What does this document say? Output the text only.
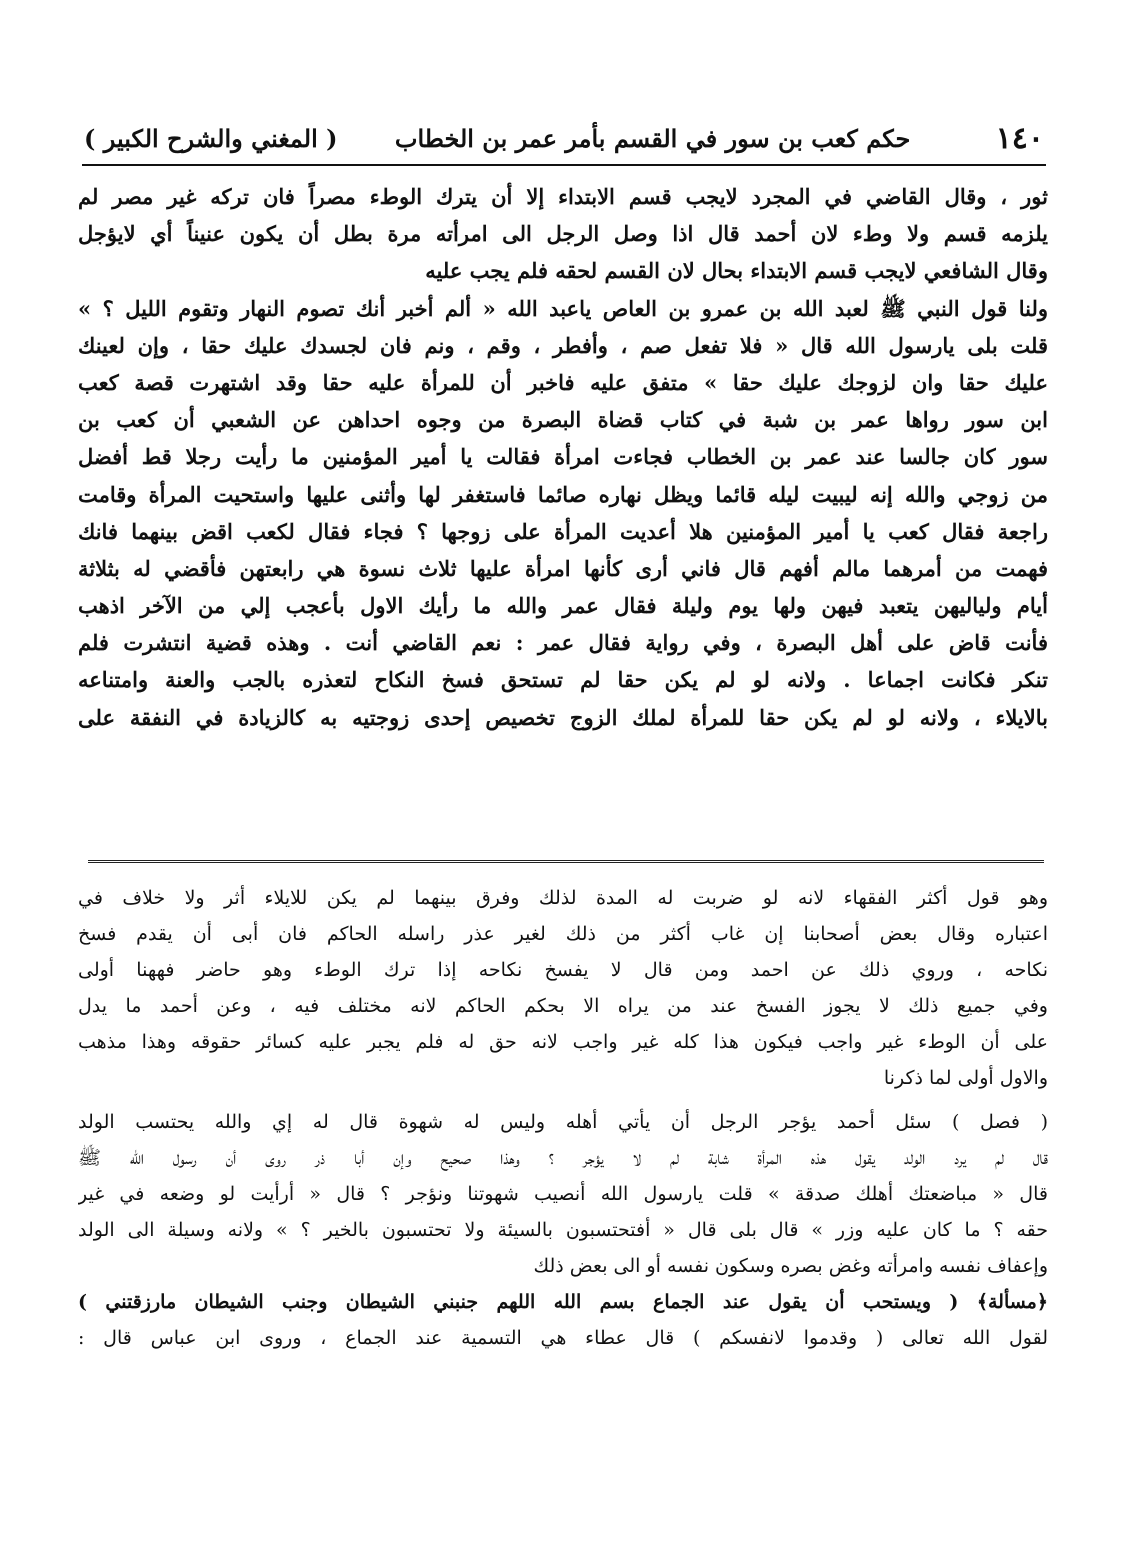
١٤٠
حكم كعب بن سور في القسم بأمر عمر بن الخطاب
( المغني والشرح الكبير )
ثور ، وقال القاضي في المجرد لايجب قسم الابتداء إلا أن يترك الوطء مصراً فان تركه غير مصر لم
يلزمه قسم ولا وطء لان أحمد قال اذا وصل الرجل الى امرأته مرة بطل أن يكون عنيناً أي لايؤجل
وقال الشافعي لايجب قسم الابتداء بحال لان القسم لحقه فلم يجب عليه
ولنا قول النبي ﷺ لعبد الله بن عمرو بن العاص ياعبد الله « ألم أخبر أنك تصوم النهار وتقوم الليل ؟ »
قلت بلى يارسول الله قال « فلا تفعل صم ، وأفطر ، وقم ، ونم فان لجسدك عليك حقا ، وإن لعينك
عليك حقا وان لزوجك عليك حقا » متفق عليه فاخبر أن للمرأة عليه حقا وقد اشتهرت قصة كعب
ابن سور رواها عمر بن شبة في كتاب قضاة البصرة من وجوه احداهن عن الشعبي أن كعب بن
سور كان جالسا عند عمر بن الخطاب فجاءت امرأة فقالت يا أمير المؤمنين ما رأيت رجلا قط أفضل
من زوجي والله إنه ليبيت ليله قائما ويظل نهاره صائما فاستغفر لها وأثنى عليها واستحيت المرأة وقامت
راجعة فقال كعب يا أمير المؤمنين هلا أعديت المرأة على زوجها ؟ فجاء فقال لكعب اقض بينهما فانك
فهمت من أمرهما مالم أفهم قال فاني أرى كأنها امرأة عليها ثلاث نسوة هي رابعتهن فأقضي له بثلاثة
أيام ولياليهن يتعبد فيهن ولها يوم وليلة فقال عمر والله ما رأيك الاول بأعجب إلي من الآخر اذهب
فأنت قاض على أهل البصرة ، وفي رواية فقال عمر : نعم القاضي أنت . وهذه قضية انتشرت فلم
تنكر فكانت اجماعا . ولانه لو لم يكن حقا لم تستحق فسخ النكاح لتعذره بالجب والعنة وامتناعه
بالايلاء ، ولانه لو لم يكن حقا للمرأة لملك الزوج تخصيص إحدى زوجتيه به كالزيادة في النفقة على
وهو قول أكثر الفقهاء لانه لو ضربت له المدة لذلك وفرق بينهما لم يكن للايلاء أثر ولا خلاف في
اعتباره وقال بعض أصحابنا إن غاب أكثر من ذلك لغير عذر راسله الحاكم فان أبى أن يقدم فسخ
نكاحه ، وروي ذلك عن احمد ومن قال لا يفسخ نكاحه إذا ترك الوطء وهو حاضر فههنا أولى
وفي جميع ذلك لا يجوز الفسخ عند من يراه الا بحكم الحاكم لانه مختلف فيه ، وعن أحمد ما يدل
على أن الوطء غير واجب فيكون هذا كله غير واجب لانه حق له فلم يجبر عليه كسائر حقوقه وهذا مذهب
والاول أولى لما ذكرنا
( فصل ) سئل أحمد يؤجر الرجل أن يأتي أهله وليس له شهوة قال له إي والله يحتسب الولد
قال لم يرد الولد يقول هذه المرأة شابة لم لا يؤجر ؟ وهذا صحيح وإن أبا ذر روى أن رسول الله ﷺ
قال « مباضعتك أهلك صدقة » قلت يارسول الله أنصيب شهوتنا ونؤجر ؟ قال « أرأيت لو وضعه في غير
حقه ؟ ما كان عليه وزر » قال بلى قال « أفتحتسبون بالسيئة ولا تحتسبون بالخير ؟ » ولانه وسيلة الى الولد
وإعفاف نفسه وامرأته وغض بصره وسكون نفسه أو الى بعض ذلك
﴿مسألة﴾ ( ويستحب أن يقول عند الجماع بسم الله اللهم جنبني الشيطان وجنب الشيطان مارزقتني )
لقول الله تعالى ( وقدموا لانفسكم ) قال عطاء هي التسمية عند الجماع ، وروى ابن عباس قال :
